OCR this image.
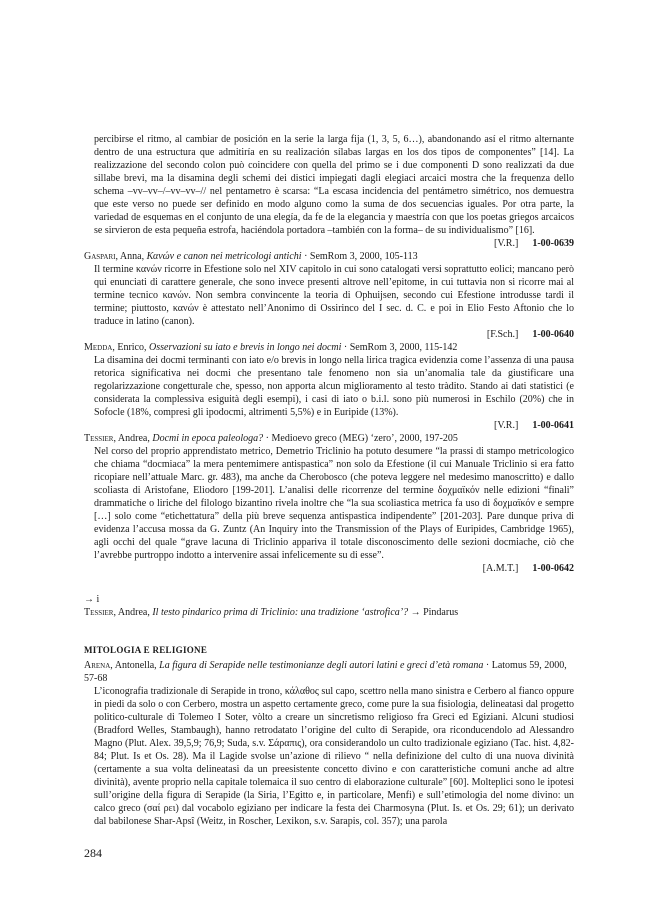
percibirse el ritmo, al cambiar de posición en la serie la larga fija (1, 3, 5, 6…), abandonando así el ritmo alternante dentro de una estructura que admitiría en su realización sílabas largas en los dos tipos de componentes” [14]. La realizzazione del secondo colon può coincidere con quella del primo se i due componenti D sono realizzati da due sillabe brevi, ma la disamina degli schemi dei distici impiegati dagli elegiaci arcaici mostra che la frequenza dello schema –vv–vv–/–vv–vv–// nel pentametro è scarsa: “La escasa incidencia del pentámetro simétrico, nos demuestra que este verso no puede ser definido en modo alguno como la suma de dos secuencias iguales. Por otra parte, la variedad de esquemas en el conjunto de una elegía, da fe de la elegancia y maestría con que los poetas griegos arcaicos se sirvieron de esta pequeña estrofa, haciéndola portadora –también con la forma– de su individualismo” [16].

[V.R.] 1-00-0639

Gaspari, Anna, Κανών e canon nei metricologi antichi · SemRom 3, 2000, 105-113

Il termine κανών ricorre in Efestione solo nel XIV capitolo in cui sono catalogati versi soprattutto eolici; mancano però qui enunciati di carattere generale, che sono invece presenti altrove nell’epitome, in cui tuttavia non si ricorre mai al termine tecnico κανών. Non sembra convincente la teoria di Ophuijsen, secondo cui Efestione introdusse tardi il termine; piuttosto, κανών è attestato nell’Anonimo di Ossirinco del I sec. d. C. e poi in Elio Festo Aftonio che lo traduce in latino (canon).

[F.Sch.] 1-00-0640

Medda, Enrico, Osservazioni su iato e brevis in longo nei docmi · SemRom 3, 2000, 115-142

La disamina dei docmi terminanti con iato e/o brevis in longo nella lirica tragica evidenzia come l’assenza di una pausa retorica significativa nei docmi che presentano tale fenomeno non sia un’anomalia tale da giustificare una regolarizzazione congetturale che, spesso, non apporta alcun miglioramento al testo tràdito. Stando ai dati statistici (e considerata la complessiva esiguità degli esempi), i casi di iato o b.i.l. sono più numerosi in Eschilo (20%) che in Sofocle (18%, compresi gli ipodocmi, altrimenti 5,5%) e in Euripide (13%).

[V.R.] 1-00-0641

Tessier, Andrea, Docmi in epoca paleologa? · Medioevo greco (MEG) ‘zero’, 2000, 197-205

Nel corso del proprio apprendistato metrico, Demetrio Triclinio ha potuto desumere “la prassi di stampo metricologico che chiama “docmiaca” la mera pentemimere antispastica” non solo da Efestione (il cui Manuale Triclinio si era fatto ricopiare nell’attuale Marc. gr. 483), ma anche da Cherobosco (che poteva leggere nel medesimo manoscritto) e dallo scoliasta di Aristofane, Eliodoro [199-201]. L’analisi delle ricorrenze del termine δοχμαϊκόν nelle edizioni “finali” drammatiche o liriche del filologo bizantino rivela inoltre che “la sua scoliastica metrica fa uso di δοχμαϊκόν e sempre […] solo come “etichettatura” della più breve sequenza antispastica indipendente” [201-203]. Pare dunque priva di evidenza l’accusa mossa da G. Zuntz (An Inquiry into the Transmission of the Plays of Euripides, Cambridge 1965), agli occhi del quale “grave lacuna di Triclinio appariva il totale disconoscimento delle sezioni docmiache, ciò che l’avrebbe purtroppo indotto a intervenire assai infelicemente su di esse”.

[A.M.T.] 1-00-0642

→ i

Tessier, Andrea, Il testo pindarico prima di Triclinio: una tradizione ‘astrofica’? → Pindarus

MITOLOGIA E RELIGIONE

Arena, Antonella, La figura di Serapide nelle testimonianze degli autori latini e greci d’età romana · Latomus 59, 2000, 57-68

L’iconografia tradizionale di Serapide in trono, κάλαθος sul capo, scettro nella mano sinistra e Cerbero al fianco oppure in piedi da solo o con Cerbero, mostra un aspetto certamente greco, come pure la sua fisiologia, delineatasi dal progetto politico-culturale di Tolemeo I Soter, vòlto a creare un sincretismo religioso fra Greci ed Egiziani. Alcuni studiosi (Bradford Welles, Stambaugh), hanno retrodatato l’origine del culto di Serapide, ora riconducendolo ad Alessandro Magno (Plut. Alex. 39,5,9; 76,9; Suda, s.v. Σάραπις), ora considerandolo un culto tradizionale egiziano (Tac. hist. 4,82-84; Plut. Is et Os. 28). Ma il Lagide svolse un’azione di rilievo “ nella definizione del culto di una nuova divinità (certamente a sua volta delineatasi da un preesistente concetto divino e con caratteristiche comuni anche ad altre divinità), avente proprio nella capitale tolemaica il suo centro di elaborazione culturale” [60]. Molteplici sono le ipotesi sull’origine della figura di Serapide (la Siria, l’Egitto e, in particolare, Menfi) e sull’etimologia del nome divino: un calco greco (σαί ρει) dal vocabolo egiziano per indicare la festa dei Charmosyna (Plut. Is. et Os. 29; 61); un derivato dal babilonese Shar-Apsî (Weitz, in Roscher, Lexikon, s.v. Sarapis, col. 357); una parola

284
